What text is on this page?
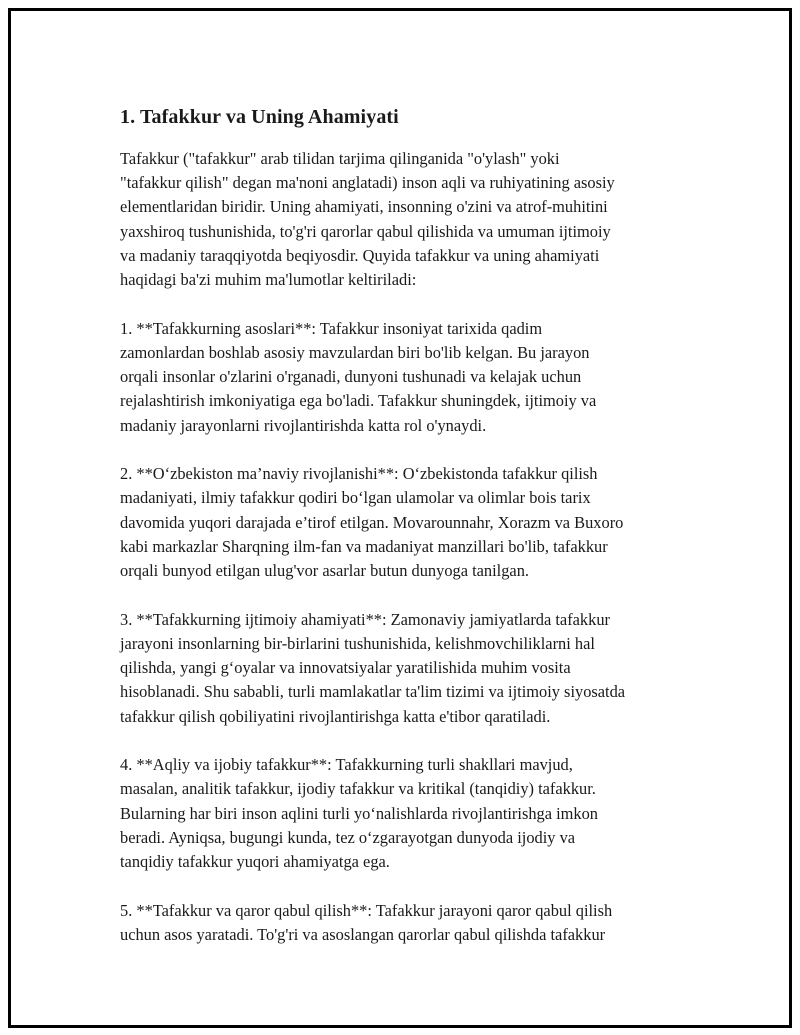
1. Tafakkur va Uning Ahamiyati

Tafakkur ("tafakkur" arab tilidan tarjima qilinganida "o'ylash" yoki
"tafakkur qilish" degan ma'noni anglatadi) inson aqli va ruhiyatining asosiy
elementlaridan biridir. Uning ahamiyati, insonning o'zini va atrof-muhitini
yaxshiroq tushunishida, to'g'ri qarorlar qabul qilishida va umuman ijtimoiy
va madaniy taraqqiyotda beqiyosdir. Quyida tafakkur va uning ahamiyati
haqidagi ba'zi muhim ma'lumotlar keltiriladi:

1. **Tafakkurning asoslari**: Tafakkur insoniyat tarixida qadim
zamonlardan boshlab asosiy mavzulardan biri bo'lib kelgan. Bu jarayon
orqali insonlar o'zlarini o'rganadi, dunyoni tushunadi va kelajak uchun
rejalashtirish imkoniyatiga ega bo'ladi. Tafakkur shuningdek, ijtimoiy va
madaniy jarayonlarni rivojlantirishda katta rol o'ynaydi.

2. **O‘zbekiston ma’naviy rivojlanishi**: O‘zbekistonda tafakkur qilish
madaniyati, ilmiy tafakkur qodiri bo‘lgan ulamolar va olimlar bois tarix
davomida yuqori darajada e’tirof etilgan. Movarounnahr, Xorazm va Buxoro
kabi markazlar Sharqning ilm-fan va madaniyat manzillari bo'lib, tafakkur
orqali bunyod etilgan ulug'vor asarlar butun dunyoga tanilgan.

3. **Tafakkurning ijtimoiy ahamiyati**: Zamonaviy jamiyatlarda tafakkur
jarayoni insonlarning bir-birlarini tushunishida, kelishmovchiliklarni hal
qilishda, yangi g‘oyalar va innovatsiyalar yaratilishida muhim vosita
hisoblanadi. Shu sababli, turli mamlakatlar ta'lim tizimi va ijtimoiy siyosatda
tafakkur qilish qobiliyatini rivojlantirishga katta e'tibor qaratiladi.

4. **Aqliy va ijobiy tafakkur**: Tafakkurning turli shakllari mavjud,
masalan, analitik tafakkur, ijodiy tafakkur va kritikal (tanqidiy) tafakkur.
Bularning har biri inson aqlini turli yo‘nalishlarda rivojlantirishga imkon
beradi. Ayniqsa, bugungi kunda, tez o‘zgarayotgan dunyoda ijodiy va
tanqidiy tafakkur yuqori ahamiyatga ega.

5. **Tafakkur va qaror qabul qilish**: Tafakkur jarayoni qaror qabul qilish
uchun asos yaratadi. To'g'ri va asoslangan qarorlar qabul qilishda tafakkur
